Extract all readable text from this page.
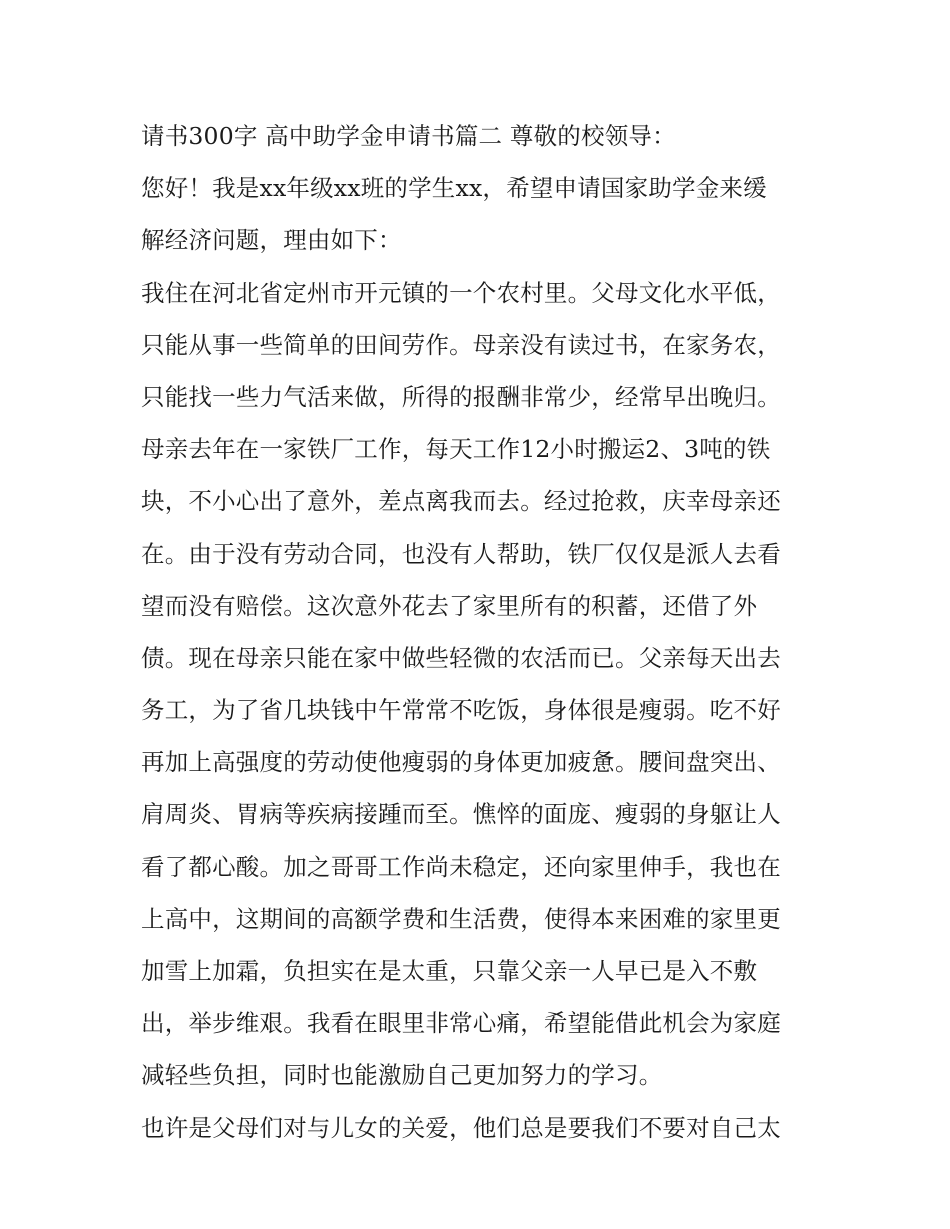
请书300字 高中助学金申请书篇二 尊敬的校领导：
您好！我是xx年级xx班的学生xx，希望申请国家助学金来缓
解经济问题，理由如下：
我住在河北省定州市开元镇的一个农村里。父母文化水平低，
只能从事一些简单的田间劳作。母亲没有读过书，在家务农，
只能找一些力气活来做，所得的报酬非常少，经常早出晚归。
母亲去年在一家铁厂工作，每天工作12小时搬运2、3吨的铁
块，不小心出了意外，差点离我而去。经过抢救，庆幸母亲还
在。由于没有劳动合同，也没有人帮助，铁厂仅仅是派人去看
望而没有赔偿。这次意外花去了家里所有的积蓄，还借了外
债。现在母亲只能在家中做些轻微的农活而已。父亲每天出去
务工，为了省几块钱中午常常不吃饭，身体很是瘦弱。吃不好
再加上高强度的劳动使他瘦弱的身体更加疲惫。腰间盘突出、
肩周炎、胃病等疾病接踵而至。憔悴的面庞、瘦弱的身躯让人
看了都心酸。加之哥哥工作尚未稳定，还向家里伸手，我也在
上高中，这期间的高额学费和生活费，使得本来困难的家里更
加雪上加霜，负担实在是太重，只靠父亲一人早已是入不敷
出，举步维艰。我看在眼里非常心痛，希望能借此机会为家庭
减轻些负担，同时也能激励自己更加努力的学习。
也许是父母们对与儿女的关爱，他们总是要我们不要对自己太
